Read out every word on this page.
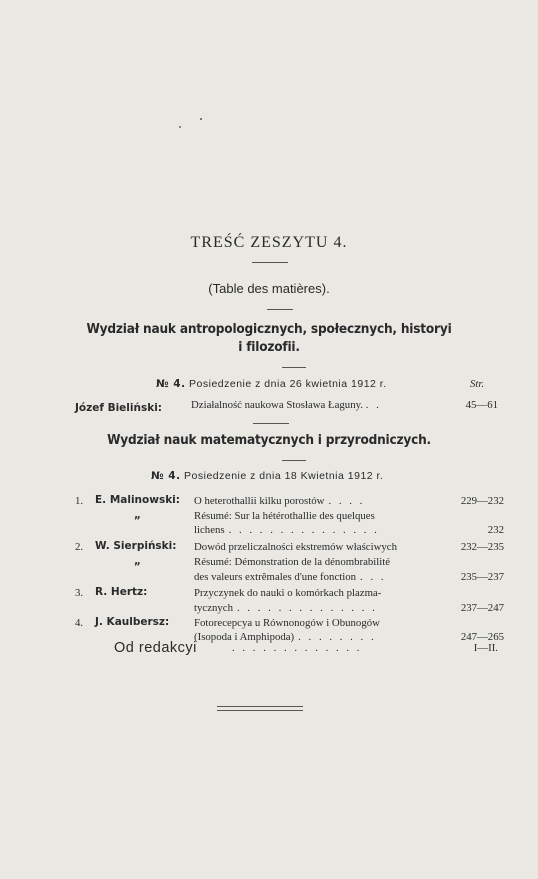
TREŚĆ ZESZYTU 4.
(Table des matières).
Wydział nauk antropologicznych, społecznych, historyi
i filozofii.
№ 4. Posiedzenie z dnia 26 kwietnia 1912 r.	Str.
Józef Bieliński:	Działalność naukowa Stosława Łaguny. . .	45—61
Wydział nauk matematycznych i przyrodniczych.
№ 4. Posiedzenie z dnia 18 Kwietnia 1912 r.
1. E. Malinowski: O heterothallii kilku porostów . . . .	229—232
„	Résumé: Sur la hétérothallie des quelques
lichens . . . . . . . . . . . . . . .	232
2. W. Sierpiński: Dowód przeliczalności ekstremów właściwych	232—235
„	Résumé: Démonstration de la dénombrabilité
des valeurs extrêmales d'une fonction . . .	235—237
3. R. Hertz:	Przyczynek do nauki o komórkach plazma-
tycznych . . . . . . . . . . . . . .	237—247
4. J. Kaulbersz: Fotorecepcya u Równonogów i Obunogów
(Isopoda i Amphipoda) . . . . . . . .	247—265
Od redakcyi	. . . . . . . . . . . . .	I—II.
